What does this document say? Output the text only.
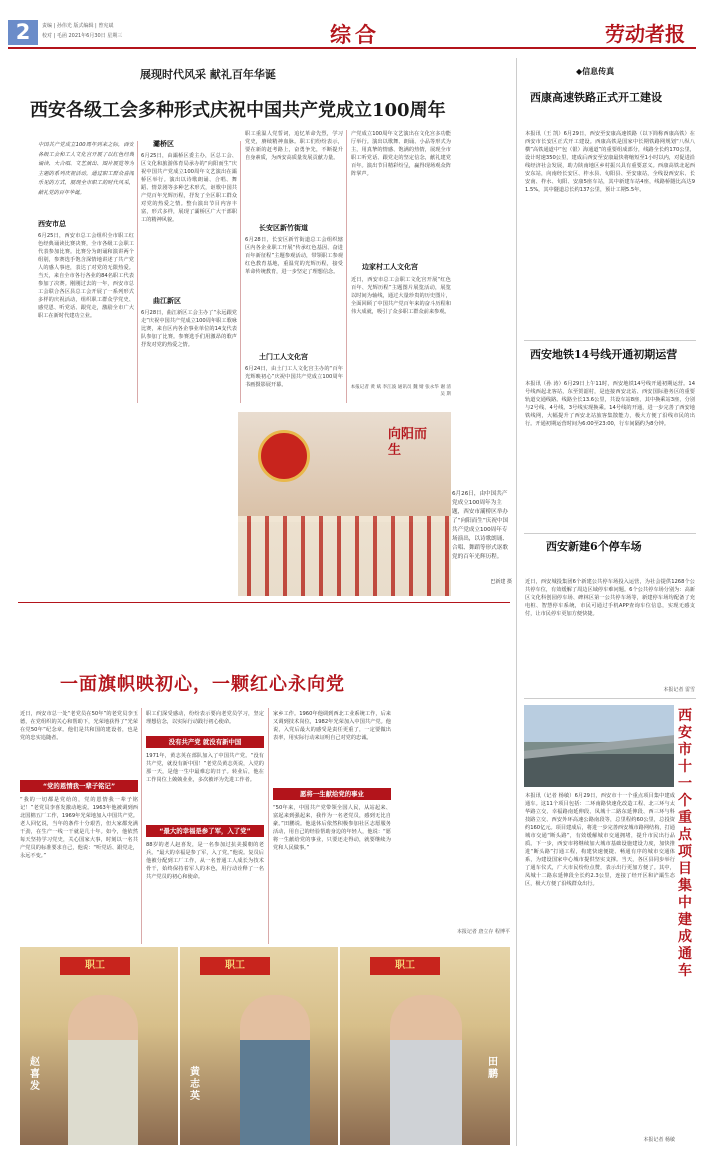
2	责编 | 孙伟光 版式编辑 | 曾宪斌
校对 | 毛函 2021年6月30日 星期三	综合	劳动者报
展现时代风采 献礼百年华诞
西安各级工会多种形式庆祝中国共产党成立100周年
中国共产党成立100周年到来之际，西安各级工会和工人文化宫开展了以红色经典诵读、大合唱、文艺演出、图片展览等为主题的系列庆祝活动，通过职工群众喜闻乐见的方式，展现全市职工的时代风采，献礼党的百年华诞。
西安市总
6月25日，西安市总工会组织全市职工红色经典诵读比赛决赛，全市各级工会职工代表参加比赛。比赛分为朗诵和演讲两个组别，参赛选手饱含深情地讲述了共产党人的感人事迹，表达了对党的无限热爱。当天，来自全市各行各业的84名职工代表参加了决赛。刚刚过去的一年，西安市总工会联合各区县总工会开展了一系列形式多样的庆祝活动，组织职工群众学党史、感党恩、听党话、跟党走，激励全市广大职工在新时代建功立业。
灞桥区
6月25日，由灞桥区委主办，区总工会、区文化和旅游体育局承办的“向阳而生”庆祝中国共产党成立100周年文艺演出在灞桥区举行。演出以诗歌朗诵、合唱、舞蹈、情景剧等多种艺术形式，讴歌中国共产党百年光辉历程，抒发了全区职工群众对党的热爱之情。整台演出节目内容丰富，形式多样，展现了灞桥区广大干部职工的精神风貌。
曲江新区
6月28日，曲江新区工会主办了“永远跟党走”庆祝中国共产党成立100周年职工歌咏比赛，来自区内各企事业单位的14支代表队参加了比赛。参赛选手们用激昂的歌声抒发对党的热爱之情。
职工重温人党誓词，追忆革命先烈，学习党史，赓续精神血脉。职工们纷纷表示，要在新的赶考路上，奋勇争先，不断提升自身素质，为西安高质量发展贡献力量。
长安区新竹街道
6月28日，长安区新竹街道总工会组织辖区内各企业职工开展“传承红色基因、奋进百年新征程”主题参观活动，带领职工参观红色教育基地，重温党的光辉历程，接受革命传统教育，进一步坚定了理想信念。
土门工人文化宫
6月24日，由土门工人文化宫主办的“百年光辉映初心”庆祝中国共产党成立100周年书画摄影展开幕。
产党成立100周年文艺演出在文化宫多功能厅举行。演出以歌舞、朗诵、小品等形式为主，用真挚的情感、饱满的热情，展现全市职工听党话、跟党走的坚定信念，献礼建党百年。演出节目精彩纷呈，赢得现场观众阵阵掌声。
边家村工人文化宫
近日，西安市总工会职工文化宫开展“红色百年、光辉历程”主题图片展览活动，展览以时间为轴线，通过大量珍贵的历史图片，全面回顾了中国共产党百年来的奋斗历程和伟大成就，吸引了众多职工群众前来参观。
本报记者 黄 斌 李江波 通讯员 魏 婧 张永华 谢 清 吴 斯
向阳而生
6月26日，由中国共产党成立100周年为主题，西安市灞桥区举办了“向阳而生”庆祝中国共产党成立100周年专场演出，以诗歌朗诵、合唱、舞蹈等形式讴歌党的百年光辉历程。
巴新建 摄
一面旗帜映初心，一颗红心永向党
近日，西安市总一处“老党员在50年”的老党员李玉德，在党组织的关心和帮助下，光荣地获得了“光荣在党50年”纪念章。他们是共和国的建设者，也是党的忠实追随者。
“党的恩情我一辈子铭记”
“我的一切都是党给的，党的恩情我一辈子铭记！”老党员李喜发激动地说。1963年他被调到西北国棉五厂工作，1969年光荣地加入中国共产党。老人回忆说，当年的条件十分艰苦，但大家都充满干劲，在生产一线一干就是几十年。如今，他依然每天坚持学习党史，关心国家大事，时刻以一名共产党员的标准要求自己，他说：“听党话、跟党走，永远不变。”
职工们深受感动，纷纷表示要向老党员学习，坚定理想信念，以实际行动践行初心使命。
没有共产党 就没有新中国
1971年，黄志英在部队加入了中国共产党。“没有共产党，就没有新中国！”老党员黄志英说，入党的那一天，是他一生中最难忘的日子。转业后，他在工作岗位上兢兢业业，多次被评为先进工作者。
“最大的幸福是参了军，入了党”
88岁的老人赵喜发，是一名参加过抗美援朝的老兵。“最大的幸福是参了军，入了党。”他说。复员后他被分配到工厂工作，从一名普通工人成长为技术骨干，始终保持着军人的本色，用行动诠释了一名共产党员的初心和使命。
家乡工作。1960年他调到西北工业系统工作，后来又调到技术岗位，1982年光荣加入中国共产党。他说，入党后最大的感受是责任更重了，一定要做出表率，用实际行动来证明自己对党的忠诚。
愿将一生献给党的事业
“50年来，中国共产党带领全国人民，从站起来、富起来到强起来，我作为一名老党员，感到无比自豪。”田鹏说。他退休后依然积极参加社区志愿服务活动，用自己的经验帮助身边的年轻人，他说：“愿将一生献给党的事业，只要还走得动，就要继续为党和人民做事。”
本报记者 唐立存 程博平
职工
赵喜发
职工
黄志英
职工
田鹏
◆信息传真
西康高速铁路正式开工建设
本报讯（王 凯）6月29日，西安至安康高速铁路（以下简称西康高铁）在西安市长安区正式开工建设。西康高铁是国家中长期铁路网规划“八纵八横”高铁通道中“包（银）海通道”的重要组成部分，线路全长约170公里，设计时速350公里，建成后西安至安康最快将缩短至1小时以内，对促进沿线经济社会发展，助力陕南地区乡村振兴具有重要意义。西康高铁北起西安东站，向南经长安区、柞水县、旬阳县、至安康站，全线设西安东、长安南、柞水、旬阳、安康5座车站，其中新建车站4座，线路桥隧比高达91.5%，其中隧道总长约137公里，预计工期5.5年。
西安地铁14号线开通初期运营
本报讯（孙 涛）6月29日上午11时，西安地铁14号线开通初期运营。14号线西起北客站，东至贺韶村，是连接西安北站、西安国际港务区的重要轨道交通线路。线路全长13.6公里，共设车站8座，其中换乘站3座，分别与2号线、4号线、3号线实现换乘。14号线的开通，进一步完善了西安地铁线网，大幅提升了西安北站旅客集散能力，极大方便了沿线市民的出行。开通初期运营时间为6:00至23:00，行车间隔约为8分钟。
西安新建6个停车场
近日，西安城投集团6个新建公共停车场投入运营，为社会提供1268个公共停车位，有效缓解了周边区域停车难问题。6个公共停车场分别为：高新区文化科创园停车场、碑林区第一公共停车场等，新建停车场均配备了充电桩、智慧停车系统，市民可通过手机APP查询车位信息，实现无感支付，让市民停车更加方便快捷。
本报记者 雷雪
西安市十一个重点项目集中建成通车
本报讯（记者 杨敏）6月29日，西安市十一个重点项目集中建成通车。这11个项目包括：二环南路快速化改造工程、北三环与太华路立交、幸福路南延伸段、凤城十二路东延伸段、西三环与科技路立交、西安外环高速公路南段等，总里程约60公里，总投资约160亿元。项目建成后，将进一步完善西安城市路网结构，打通城市交通“断头路”，有效缓解城市交通拥堵，提升市民出行品质。下一步，西安市将继续加大城市基础设施建设力度，加快推进“断头路”打通工程，构建快速便捷、畅通有序的城市交通体系，为建设国家中心城市提供坚实支撑。当天，各区县同步举行了通车仪式，广大市民纷纷点赞，表示出行更加方便了。其中，凤城十二路东延伸段全长约2.3公里，连接了经开区和浐灞生态区，极大方便了沿线群众出行。
本报记者 杨敏
